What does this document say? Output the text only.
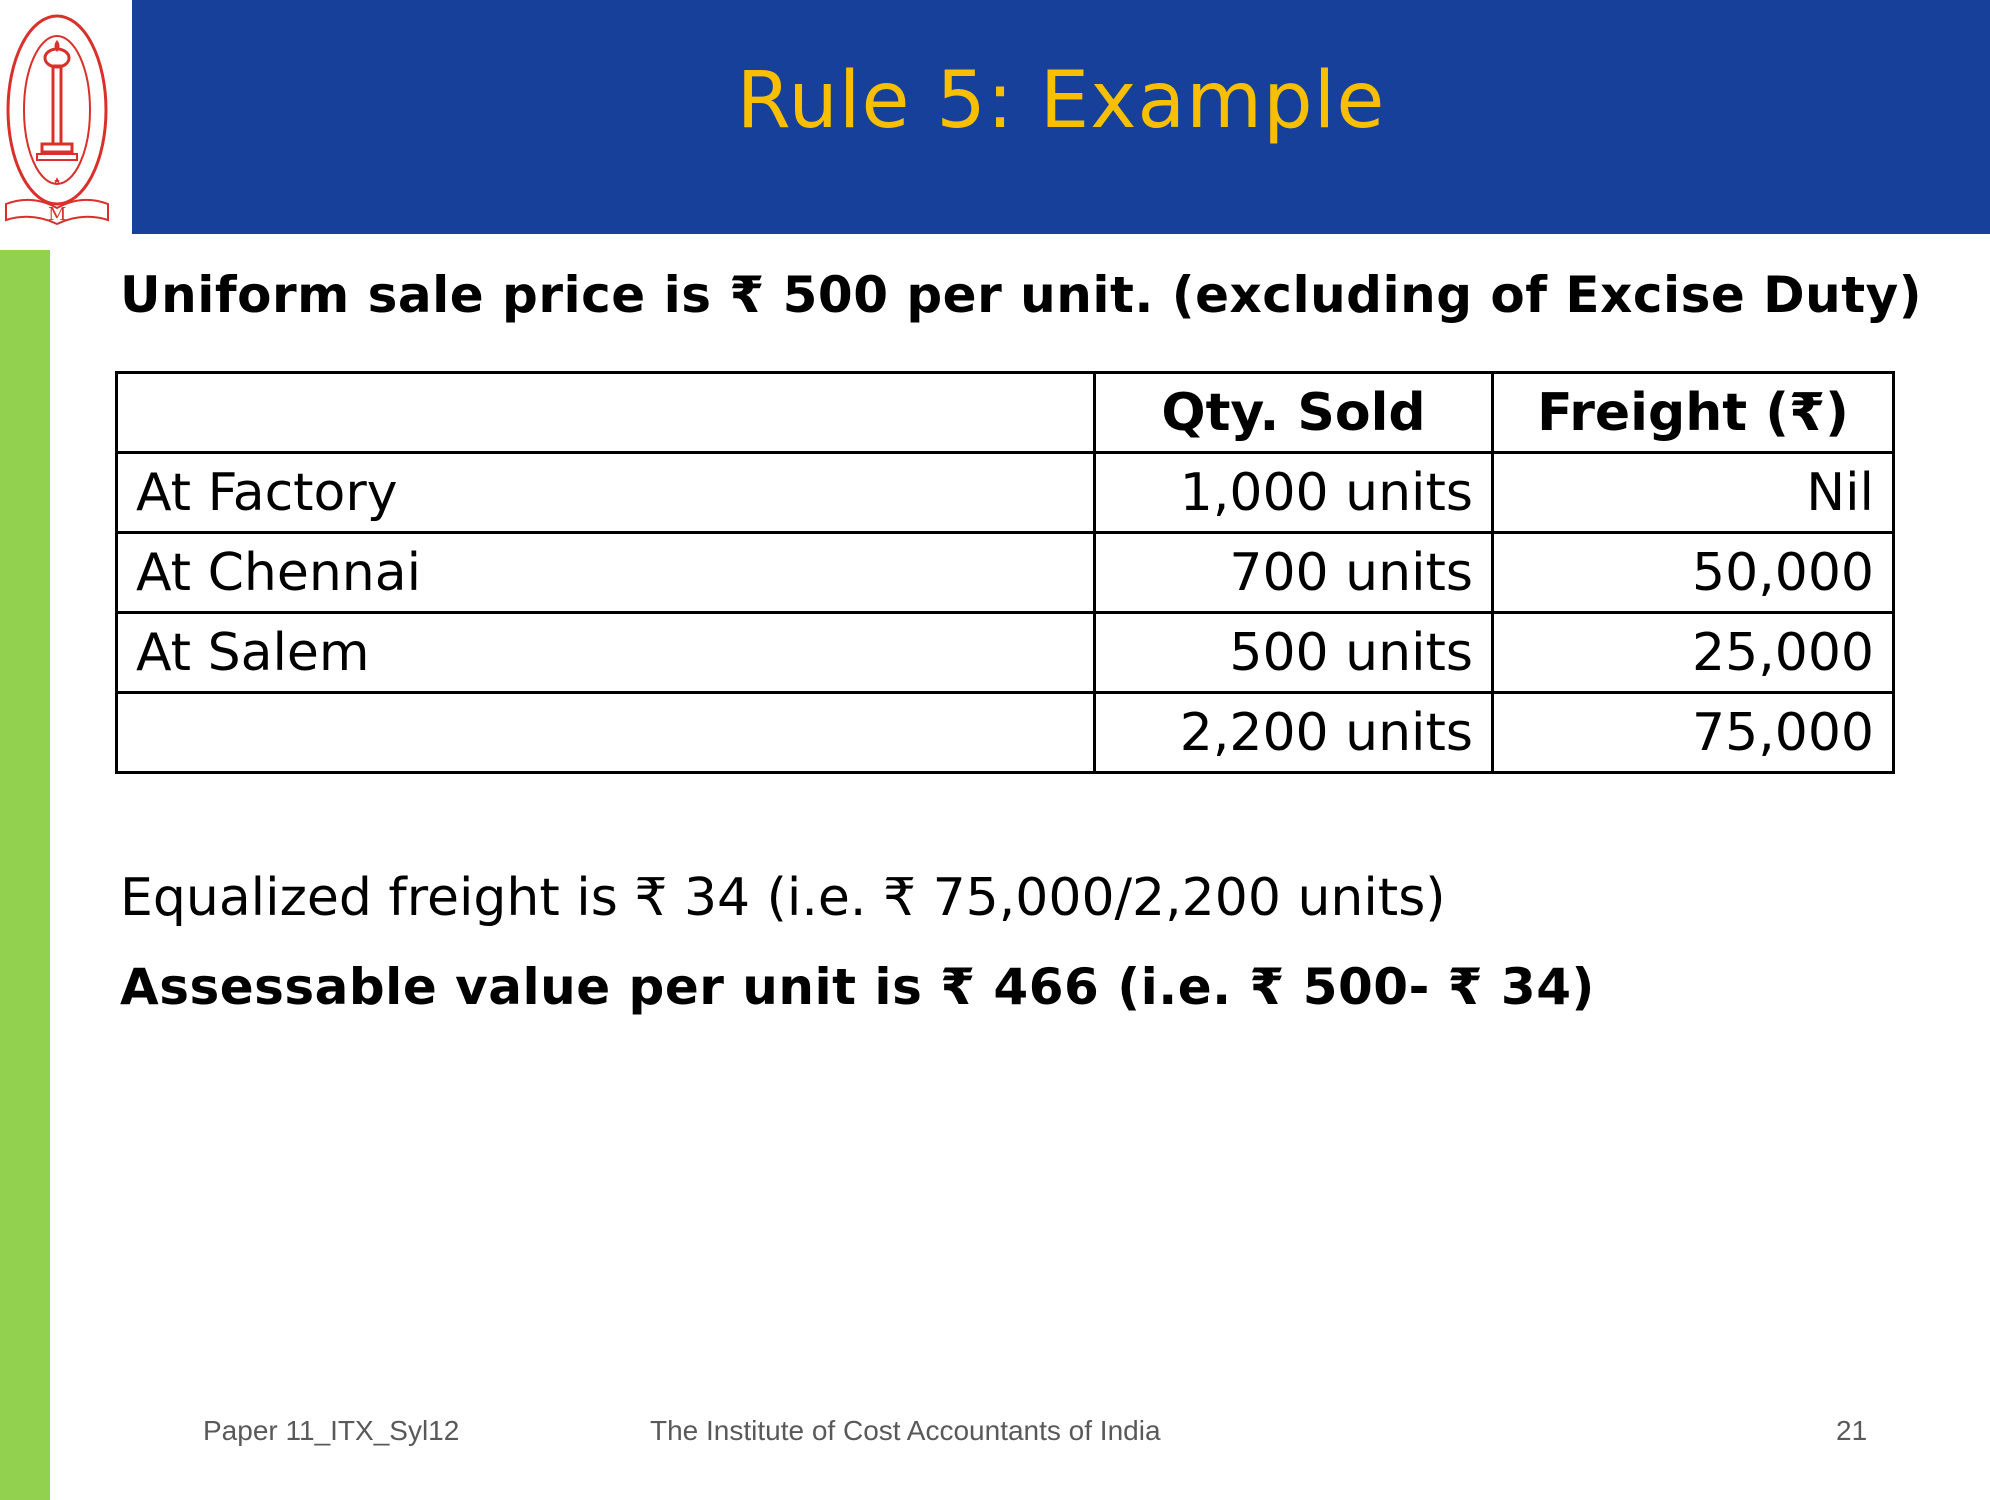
M
Rule 5: Example
Uniform sale price is ₹ 500 per unit. (excluding of Excise Duty)
	Qty. Sold	Freight (₹)
At Factory	1,000 units	Nil
At Chennai	700 units	50,000
At Salem	500 units	25,000
	2,200 units	75,000
Equalized freight is ₹ 34 (i.e. ₹ 75,000/2,200 units)
Assessable value per unit is ₹ 466 (i.e. ₹ 500- ₹ 34)
Paper 11_ITX_Syl12	The Institute of Cost Accountants of India	21
